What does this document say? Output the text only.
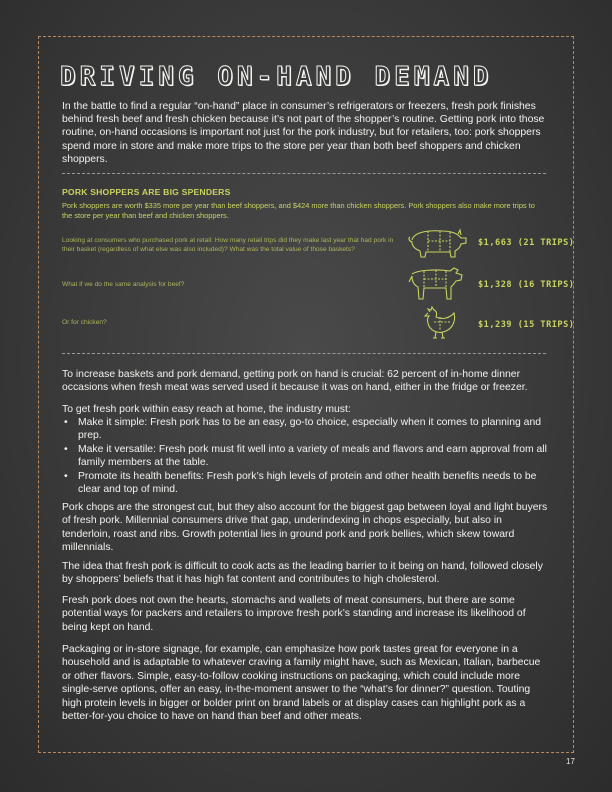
DRIVING ON-HAND DEMAND

In the battle to find a regular “on-hand” place in consumer’s refrigerators or freezers, fresh pork finishes behind fresh beef and fresh chicken because it’s not part of the shopper’s routine. Getting pork into those routine, on-hand occasions is important not just for the pork industry, but for retailers, too: pork shoppers spend more in store and make more trips to the store per year than both beef shoppers and chicken shoppers.

PORK SHOPPERS ARE BIG SPENDERS

Pork shoppers are worth $335 more per year than beef shoppers, and $424 more than chicken shoppers. Pork shoppers also make more trips to the store per year than beef and chicken shoppers.

Looking at consumers who purchased pork at retail: How many retail trips did they make last year that had pork in their basket (regardless of what else was also included)? What was the total value of those baskets?

$1,663 (21 TRIPS)

What if we do the same analysis for beef?	$1,328 (16 TRIPS)

Or for chicken?	$1,239 (15 TRIPS)

To increase baskets and pork demand, getting pork on hand is crucial: 62 percent of in-home dinner occasions when fresh meat was served used it because it was on hand, either in the fridge or freezer.

To get fresh pork within easy reach at home, the industry must:

• Make it simple: Fresh pork has to be an easy, go-to choice, especially when it comes to planning and prep.
• Make it versatile: Fresh pork must fit well into a variety of meals and flavors and earn approval from all family members at the table.
• Promote its health benefits: Fresh pork’s high levels of protein and other health benefits needs to be clear and top of mind.

Pork chops are the strongest cut, but they also account for the biggest gap between loyal and light buyers of fresh pork. Millennial consumers drive that gap, underindexing in chops especially, but also in tenderloin, roast and ribs. Growth potential lies in ground pork and pork bellies, which skew toward millennials.

The idea that fresh pork is difficult to cook acts as the leading barrier to it being on hand, followed closely by shoppers’ beliefs that it has high fat content and contributes to high cholesterol.

Fresh pork does not own the hearts, stomachs and wallets of meat consumers, but there are some potential ways for packers and retailers to improve fresh pork’s standing and increase its likelihood of being kept on hand.

Packaging or in-store signage, for example, can emphasize how pork tastes great for everyone in a household and is adaptable to whatever craving a family might have, such as Mexican, Italian, barbecue or other flavors. Simple, easy-to-follow cooking instructions on packaging, which could include more single-serve options, offer an easy, in-the-moment answer to the “what’s for dinner?” question. Touting high protein levels in bigger or bolder print on brand labels or at display cases can highlight pork as a better-for-you choice to have on hand than beef and other meats.

17
